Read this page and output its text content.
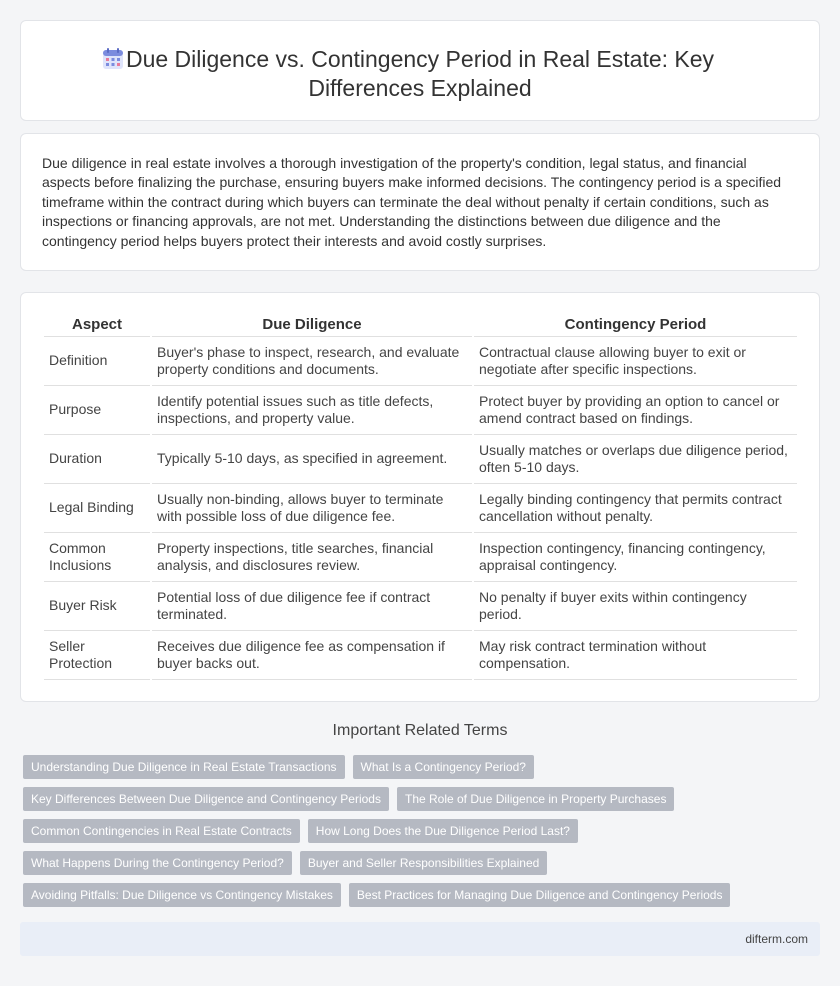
Due Diligence vs. Contingency Period in Real Estate: Key Differences Explained

Due diligence in real estate involves a thorough investigation of the property's condition, legal status, and financial aspects before finalizing the purchase, ensuring buyers make informed decisions. The contingency period is a specified timeframe within the contract during which buyers can terminate the deal without penalty if certain conditions, such as inspections or financing approvals, are not met. Understanding the distinctions between due diligence and the contingency period helps buyers protect their interests and avoid costly surprises.

Aspect	Due Diligence	Contingency Period
Definition	Buyer's phase to inspect, research, and evaluate property conditions and documents.	Contractual clause allowing buyer to exit or negotiate after specific inspections.
Purpose	Identify potential issues such as title defects, inspections, and property value.	Protect buyer by providing an option to cancel or amend contract based on findings.
Duration	Typically 5-10 days, as specified in agreement.	Usually matches or overlaps due diligence period, often 5-10 days.
Legal Binding	Usually non-binding, allows buyer to terminate with possible loss of due diligence fee.	Legally binding contingency that permits contract cancellation without penalty.
Common Inclusions	Property inspections, title searches, financial analysis, and disclosures review.	Inspection contingency, financing contingency, appraisal contingency.
Buyer Risk	Potential loss of due diligence fee if contract terminated.	No penalty if buyer exits within contingency period.
Seller Protection	Receives due diligence fee as compensation if buyer backs out.	May risk contract termination without compensation.
Important Related Terms
Understanding Due Diligence in Real Estate Transactions	What Is a Contingency Period?
Key Differences Between Due Diligence and Contingency Periods	The Role of Due Diligence in Property Purchases
Common Contingencies in Real Estate Contracts	How Long Does the Due Diligence Period Last?
What Happens During the Contingency Period?	Buyer and Seller Responsibilities Explained
Avoiding Pitfalls: Due Diligence vs Contingency Mistakes	Best Practices for Managing Due Diligence and Contingency Periods
difterm.com
